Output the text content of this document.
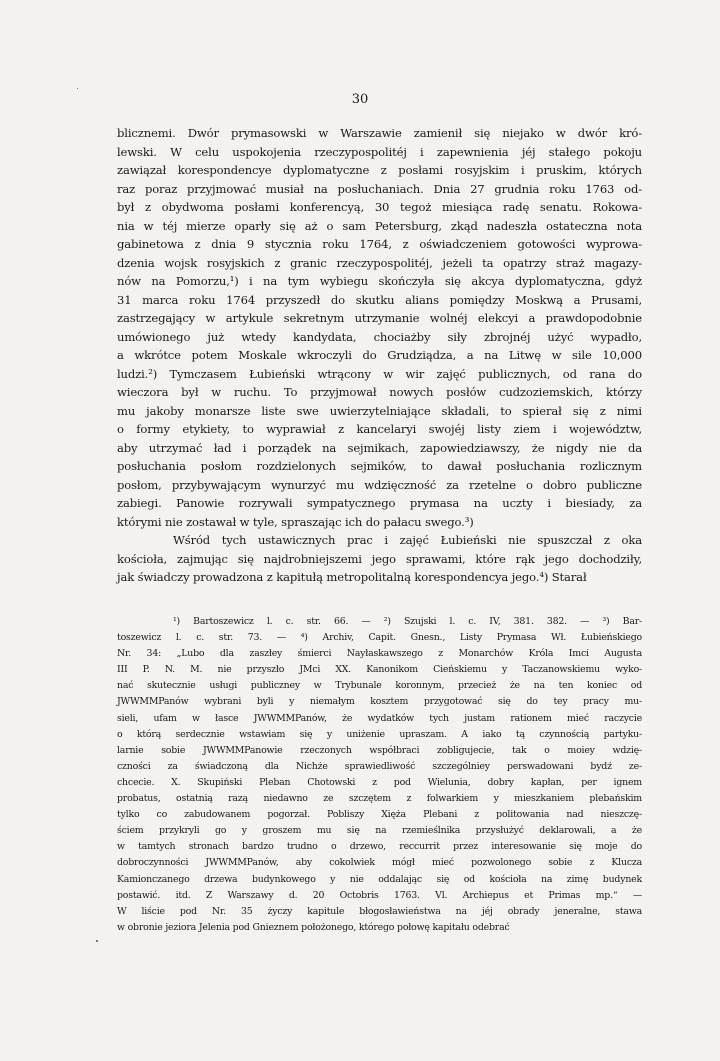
30
blicznemi. Dwór prymasowski w Warszawie zamienił się niejako w dwór kró-
lewski. W celu uspokojenia rzeczypospolitéj i zapewnienia jéj stałego pokoju
zawiązał korespondencye dyplomatyczne z posłami rosyjskim i pruskim, których
raz poraz przyjmować musiał na posłuchaniach. Dnia 27 grudnia roku 1763 od-
był z obydwoma posłami konferencyą, 30 tegoż miesiąca radę senatu. Rokowa-
nia w téj mierze oparły się aż o sam Petersburg, zkąd nadeszła ostateczna nota
gabinetowa z dnia 9 stycznia roku 1764, z oświadczeniem gotowości wyprowa-
dzenia wojsk rosyjskich z granic rzeczypospolitéj, jeżeli ta opatrzy straż magazy-
nów na Pomorzu,¹) i na tym wybiegu skończyła się akcya dyplomatyczna, gdyż
31 marca roku 1764 przyszedł do skutku alians pomiędzy Moskwą a Prusami,
zastrzegający w artykule sekretnym utrzymanie wolnéj elekcyi a prawdopodobnie
umówionego już wtedy kandydata, chociażby siły zbrojnéj użyć wypadło,
a wkrótce potem Moskale wkroczyli do Grudziądza, a na Litwę w sile 10,000
ludzi.²) Tymczasem Łubieński wtrącony w wir zajęć publicznych, od rana do
wieczora był w ruchu. To przyjmował nowych posłów cudzoziemskich, którzy
mu jakoby monarsze liste swe uwierzytelniające składali, to spierał się z nimi
o formy etykiety, to wyprawiał z kancelaryi swojéj listy ziem i województw,
aby utrzymać ład i porządek na sejmikach, zapowiedziawszy, że nigdy nie da
posłuchania posłom rozdzielonych sejmików, to dawał posłuchania rozlicznym
posłom, przybywającym wynurzyć mu wdzięczność za rzetelne o dobro publiczne
zabiegi. Panowie rozrywali sympatycznego prymasa na uczty i biesiady, za
którymi nie zostawał w tyle, spraszając ich do pałacu swego.³)
Wśród tych ustawicznych prac i zajęć Łubieński nie spuszczał z oka
kościoła, zajmując się najdrobniejszemi jego sprawami, które rąk jego dochodziły,
jak świadczy prowadzona z kapitułą metropolitalną korespondencya jego.⁴) Starał
¹) Bartoszewicz l. c. str. 66. — ²) Szujski l. c. IV, 381. 382. — ³) Bar-
toszewicz l. c. str. 73. — ⁴) Archiv, Capit. Gnesn., Listy Prymasa Wł. Łubieńskiego
Nr. 34: „Lubo dla zaszłey śmierci Nayłaskawszego z Monarchów Króla Imci Augusta
III P. N. M. nie przyszło JMci XX. Kanonikom Cieńskiemu y Taczanowskiemu wyko-
nać skutecznie usługi publiczney w Trybunale koronnym, przecież że na ten koniec od
JWWMMPanów wybrani byli y niemałym kosztem przygotować się do tey pracy mu-
sieli, ufam w łasce JWWMMPanów, że wydatków tych justam rationem mieć raczycie
o którą serdecznie wstawiam się y uniżenie upraszam. A iako tą czynnością partyku-
larnie sobie JWWMMPanowie rzeczonych współbraci zobligujecie, tak o moiey wdzię-
czności za świadczoną dla Nichże sprawiedliwość szczególniey perswadowani bydź ze-
chcecie. X. Skupiński Pleban Chotowski z pod Wielunia, dobry kapłan, per ignem
probatus, ostatnią razą niedawno ze szczętem z folwarkiem y mieszkaniem plebańskim
tylko co zabudowanem pogorzał. Pobliszy Xięża Plebani z politowania nad nieszczę-
ściem przykryli go y groszem mu się na rzemieślnika przysłużyć deklarowali, a że
w tamtych stronach bardzo trudno o drzewo, reccurrit przez interesowanie się moje do
dobroczynności JWWMMPanów, aby cokolwiek mógł mieć pozwolonego sobie z Klucza
Kamionczanego drzewa budynkowego y nie oddalając się od kościoła na zimę budynek
postawić. itd. Z Warszawy d. 20 Octobris 1763. Vl. Archiepus et Primas mp.“ —
W liście pod Nr. 35 życzy kapitule błogosławieństwa na jéj obrady jeneralne, stawa
w obronie jeziora Jelenia pod Gnieznem położonego, którego połowę kapitału odebrać
